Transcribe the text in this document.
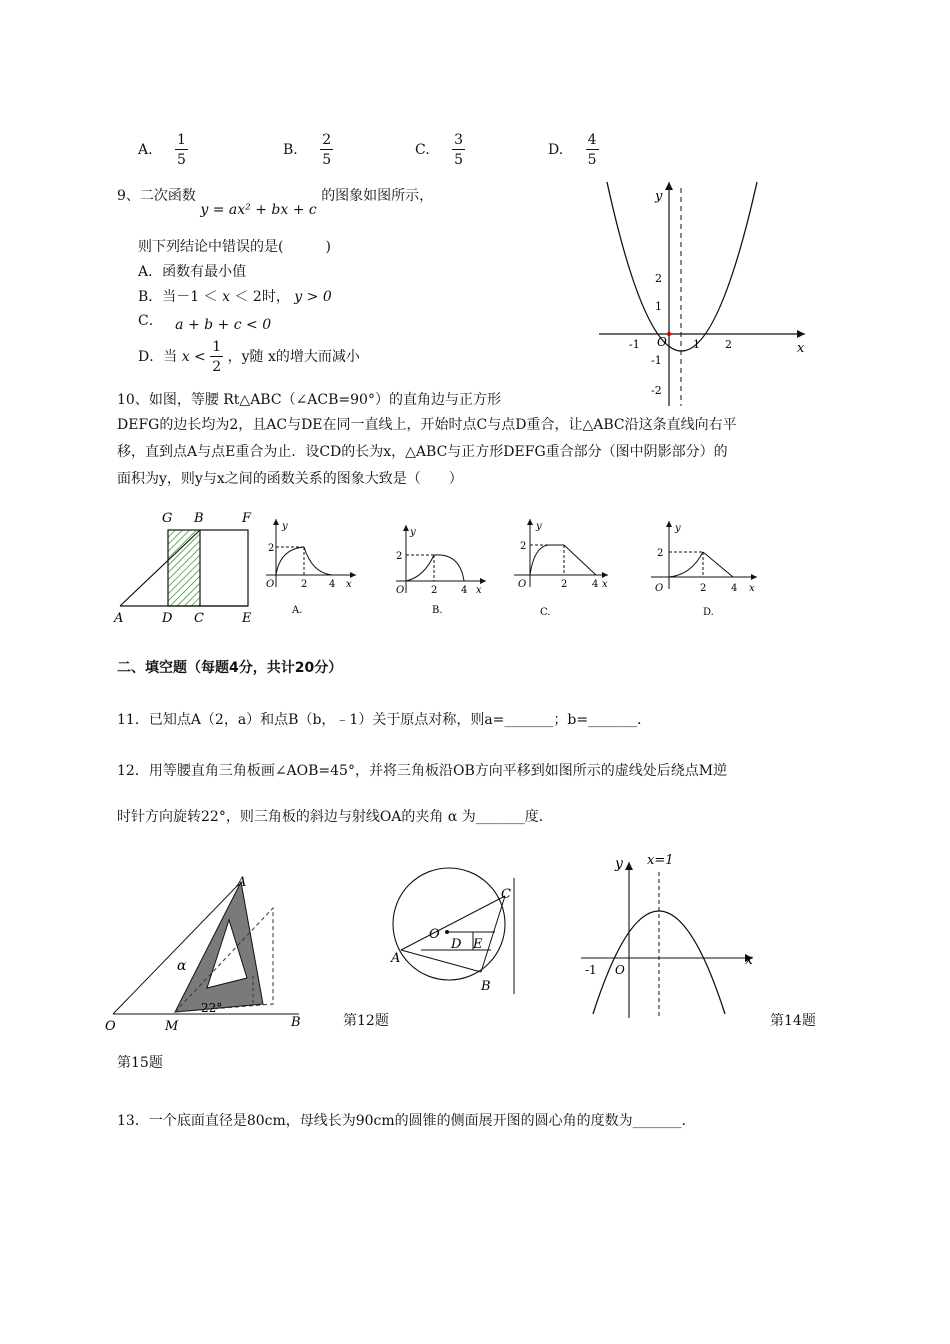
A. $\frac{1}{5}$	B. $\frac{2}{5}$	C. $\frac{3}{5}$	D. $\frac{4}{5}$
9、二次函数 y = ax² + bx + c 的图象如图所示，
则下列结论中错误的是(　　　)
A．函数有最小值
B．当－1 ＜ x ＜ 2时， y > 0
C． a + b + c < 0
D．当 $x < \frac{1}{2}$ ，y随 x的增大而减小
y
x
O
-1	1 2
2
1
-1
-2
10、如图，等腰 Rt△ABC（∠ACB=90°）的直角边与正方形
DEFG的边长均为2，且AC与DE在同一直线上，开始时点C与点D重合，让△ABC沿这条直线向右平
移，直到点A与点E重合为止．设CD的长为x，△ABC与正方形DEFG重合部分（图中阴影部分）的
面积为y，则y与x之间的函数关系的图象大致是（　　）
G B	F
A	D C	E
y
2
O	2 4 x
A.
y
2
O	2 4 x
B.
y
2
O	2 4 x
C.
y
2
O	2 4 x
D.
二、填空题（每题4分，共计20分）
11．已知点A（2，a）和点B（b，﹣1）关于原点对称，则a=_______；b=_______．
12．用等腰直角三角板画∠AOB=45°，并将三角板沿OB方向平移到如图所示的虚线处后绕点M逆
时针方向旋转22°，则三角板的斜边与射线OA的夹角 α 为_______度．
O	M	B
A
α
22°
O
A
B
C
D E
y
x
x=1
-1 O
第12题	第14题
第15题
13．一个底面直径是80cm，母线长为90cm的圆锥的侧面展开图的圆心角的度数为_______．
